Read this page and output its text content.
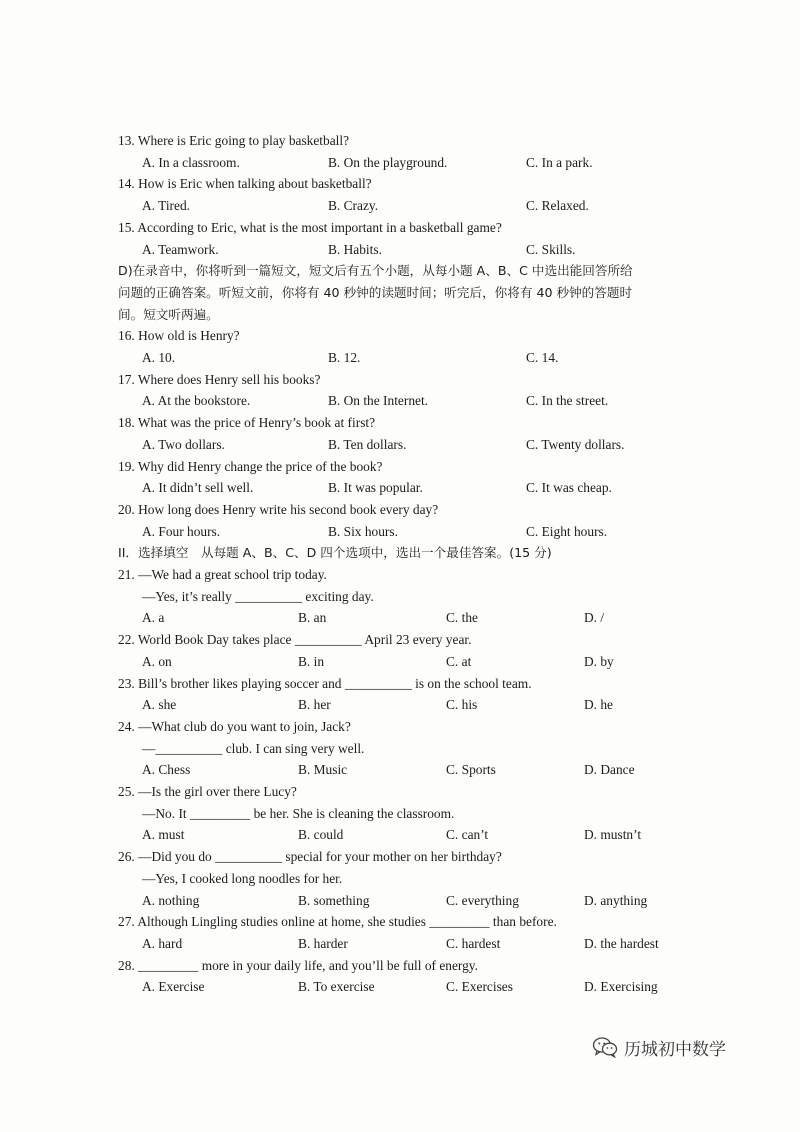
13. Where is Eric going to play basketball?
A. In a classroom.	B. On the playground.	C. In a park.
14. How is Eric when talking about basketball?
A. Tired.	B. Crazy.	C. Relaxed.
15. According to Eric, what is the most important in a basketball game?
A. Teamwork.	B. Habits.	C. Skills.
D)在录音中，你将听到一篇短文，短文后有五个小题，从每小题 A、B、C 中选出能回答所给
问题的正确答案。听短文前，你将有 40 秒钟的读题时间；听完后，你将有 40 秒钟的答题时
间。短文听两遍。
16. How old is Henry?
A. 10.	B. 12.	C. 14.
17. Where does Henry sell his books?
A. At the bookstore.	B. On the Internet.	C. In the street.
18. What was the price of Henry’s book at first?
A. Two dollars.	B. Ten dollars.	C. Twenty dollars.
19. Why did Henry change the price of the book?
A. It didn’t sell well.	B. It was popular.	C. It was cheap.
20. How long does Henry write his second book every day?
A. Four hours.	B. Six hours.	C. Eight hours.
II．选择填空　从每题 A、B、C、D 四个选项中，选出一个最佳答案。(15 分)
21. —We had a great school trip today.
—Yes, it’s really __________ exciting day.
A. a	B. an	C. the	D. /
22. World Book Day takes place __________ April 23 every year.
A. on	B. in	C. at	D. by
23. Bill’s brother likes playing soccer and __________ is on the school team.
A. she	B. her	C. his	D. he
24. —What club do you want to join, Jack?
—__________ club. I can sing very well.
A. Chess	B. Music	C. Sports	D. Dance
25. —Is the girl over there Lucy?
—No. It _________ be her. She is cleaning the classroom.
A. must	B. could	C. can’t	D. mustn’t
26. —Did you do __________ special for your mother on her birthday?
—Yes, I cooked long noodles for her.
A. nothing	B. something	C. everything	D. anything
27. Although Lingling studies online at home, she studies _________ than before.
A. hard	B. harder	C. hardest	D. the hardest
28. _________ more in your daily life, and you’ll be full of energy.
A. Exercise	B. To exercise	C. Exercises	D. Exercising
历城初中数学
